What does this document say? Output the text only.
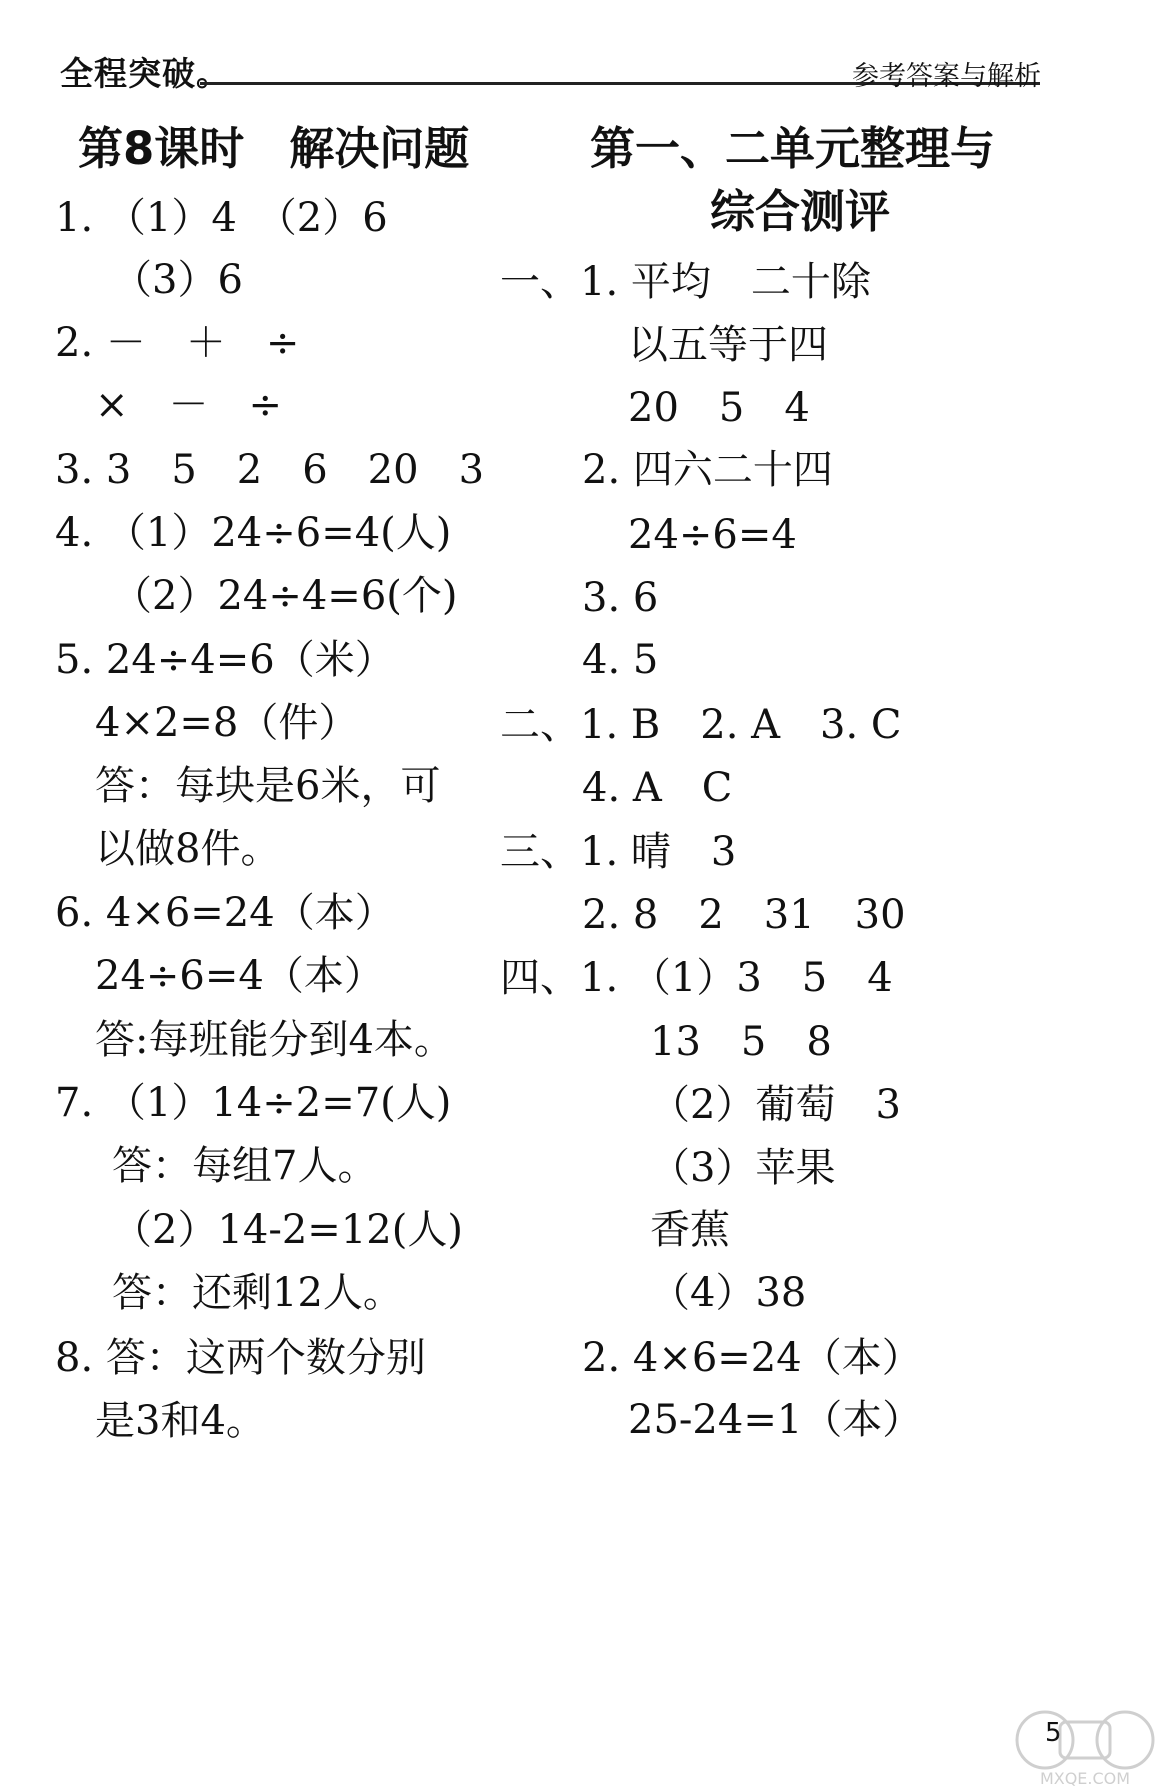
全程突破。	参考答案与解析
第8课时　解决问题
1. （1）4　（2）6
（3）6
2. －　＋　÷
×　－　÷
3. 3　5　2　6　20　3
4. （1）24÷6=4(人)
（2）24÷4=6(个)
5. 24÷4=6（米）
4×2=8（件）
答：每块是6米，可
以做8件。
6. 4×6=24（本）
24÷6=4（本）
答:每班能分到4本。
7. （1）14÷2=7(人)
答：每组7人。
（2）14-2=12(人)
答：还剩12人。
8. 答：这两个数分别
是3和4。
第一、二单元整理与
综合测评
一、1. 平均　二十除
以五等于四
20　5　4
2. 四六二十四
24÷6=4
3. 6
4. 5
二、1. B　2. A　3. C
4. A　C
三、1. 晴　3
2. 8　2　31　30
四、1. （1）3　5　4
13　5　8
（2）葡萄　3
（3）苹果
香蕉
（4）38
2. 4×6=24（本）
25-24=1（本）
5
MXQE.COM
